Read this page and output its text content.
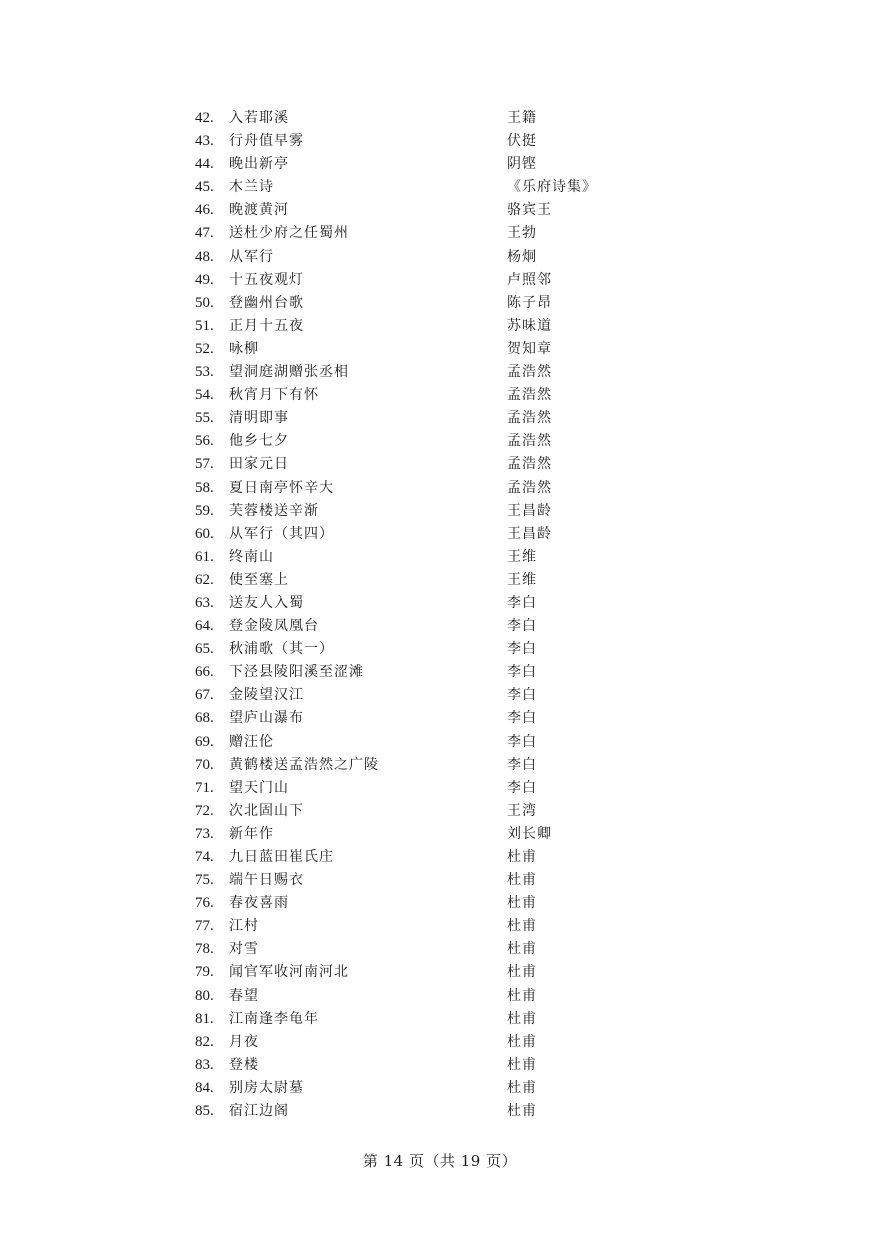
42.	入若耶溪	王籍
43.	行舟值早雾	伏挺
44.	晚出新亭	阴铿
45.	木兰诗	《乐府诗集》
46.	晚渡黄河	骆宾王
47.	送杜少府之任蜀州	王勃
48.	从军行	杨炯
49.	十五夜观灯	卢照邻
50.	登幽州台歌	陈子昂
51.	正月十五夜	苏味道
52.	咏柳	贺知章
53.	望洞庭湖赠张丞相	孟浩然
54.	秋宵月下有怀	孟浩然
55.	清明即事	孟浩然
56.	他乡七夕	孟浩然
57.	田家元日	孟浩然
58.	夏日南亭怀辛大	孟浩然
59.	芙蓉楼送辛渐	王昌龄
60.	从军行（其四）	王昌龄
61.	终南山	王维
62.	使至塞上	王维
63.	送友人入蜀	李白
64.	登金陵凤凰台	李白
65.	秋浦歌（其一）	李白
66.	下泾县陵阳溪至涩滩	李白
67.	金陵望汉江	李白
68.	望庐山瀑布	李白
69.	赠汪伦	李白
70.	黄鹤楼送孟浩然之广陵	李白
71.	望天门山	李白
72.	次北固山下	王湾
73.	新年作	刘长卿
74.	九日蓝田崔氏庄	杜甫
75.	端午日赐衣	杜甫
76.	春夜喜雨	杜甫
77.	江村	杜甫
78.	对雪	杜甫
79.	闻官军收河南河北	杜甫
80.	春望	杜甫
81.	江南逢李龟年	杜甫
82.	月夜	杜甫
83.	登楼	杜甫
84.	别房太尉墓	杜甫
85.	宿江边阁	杜甫
第 14 页（共 19 页）
